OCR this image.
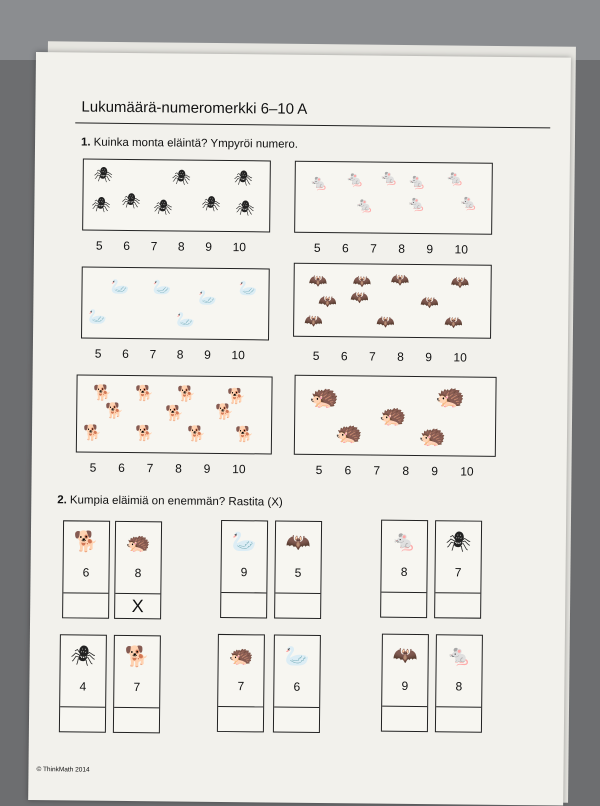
Lukumäärä-numeromerkki 6–10 A
1. Kuinka monta eläintä? Ympyröi numero.
🕷	🕷	🕷
🕷 🕷 🕷 🕷 🕷
5 6 7 8 9 10
🐁 🐁 🐁 🐁 🐁
🐁 🐁 🐁
5 6 7 8 9 10
🦢 🦢
🦢
🦢
🦢	🦢
5 6 7 8 9 10
🦇 🦇 🦇	🦇
🦇 🦇	🦇
🦇	🦇	🦇
5 6 7 8 9 10
🐕 🐕 🐕 🐕
🐕	🐕 🐕
🐕 🐕 🐕 🐕
5 6 7 8 9 10
🦔	🦔
🦔
🦔	🦔
5 6 7 8 9 10
2. Kumpia eläimiä on enemmän? Rastita (X)
🐕
6
🦔
8
X
🦢
9
🦇
5
🐁
8
🕷
7
🕷
4
🐕
7
🦔
7
🦢
6
🦇
9
🐁
8
© ThinkMath 2014
